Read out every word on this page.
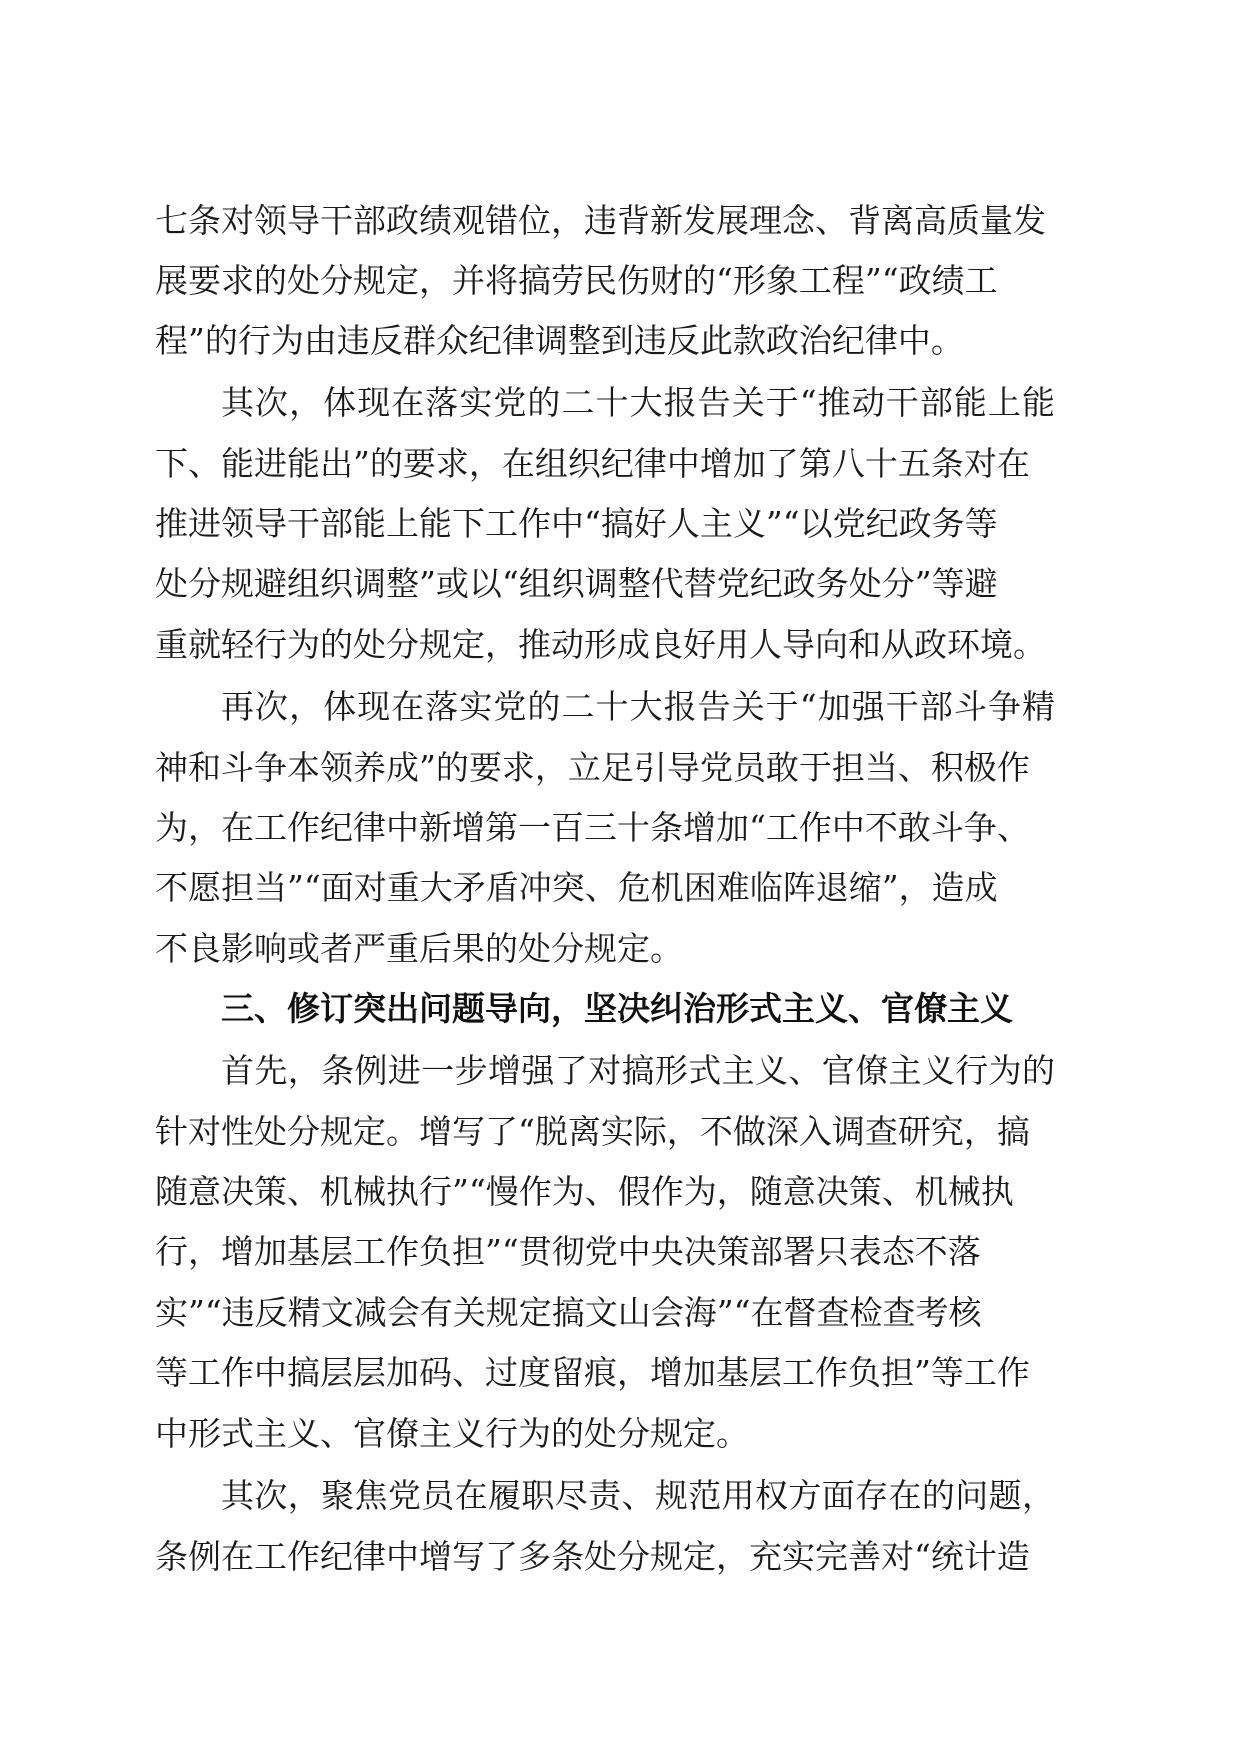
七条对领导干部政绩观错位，违背新发展理念、背离高质量发
展要求的处分规定，并将搞劳民伤财的“形象工程”“政绩工
程”的行为由违反群众纪律调整到违反此款政治纪律中。
其次，体现在落实党的二十大报告关于“推动干部能上能
下、能进能出”的要求，在组织纪律中增加了第八十五条对在
推进领导干部能上能下工作中“搞好人主义”“以党纪政务等
处分规避组织调整”或以“组织调整代替党纪政务处分”等避
重就轻行为的处分规定，推动形成良好用人导向和从政环境。
再次，体现在落实党的二十大报告关于“加强干部斗争精
神和斗争本领养成”的要求，立足引导党员敢于担当、积极作
为，在工作纪律中新增第一百三十条增加“工作中不敢斗争、
不愿担当”“面对重大矛盾冲突、危机困难临阵退缩”，造成
不良影响或者严重后果的处分规定。
三、修订突出问题导向，坚决纠治形式主义、官僚主义
首先，条例进一步增强了对搞形式主义、官僚主义行为的
针对性处分规定。增写了“脱离实际，不做深入调查研究，搞
随意决策、机械执行”“慢作为、假作为，随意决策、机械执
行，增加基层工作负担”“贯彻党中央决策部署只表态不落
实”“违反精文减会有关规定搞文山会海”“在督查检查考核
等工作中搞层层加码、过度留痕，增加基层工作负担”等工作
中形式主义、官僚主义行为的处分规定。
其次，聚焦党员在履职尽责、规范用权方面存在的问题，
条例在工作纪律中增写了多条处分规定，充实完善对“统计造
